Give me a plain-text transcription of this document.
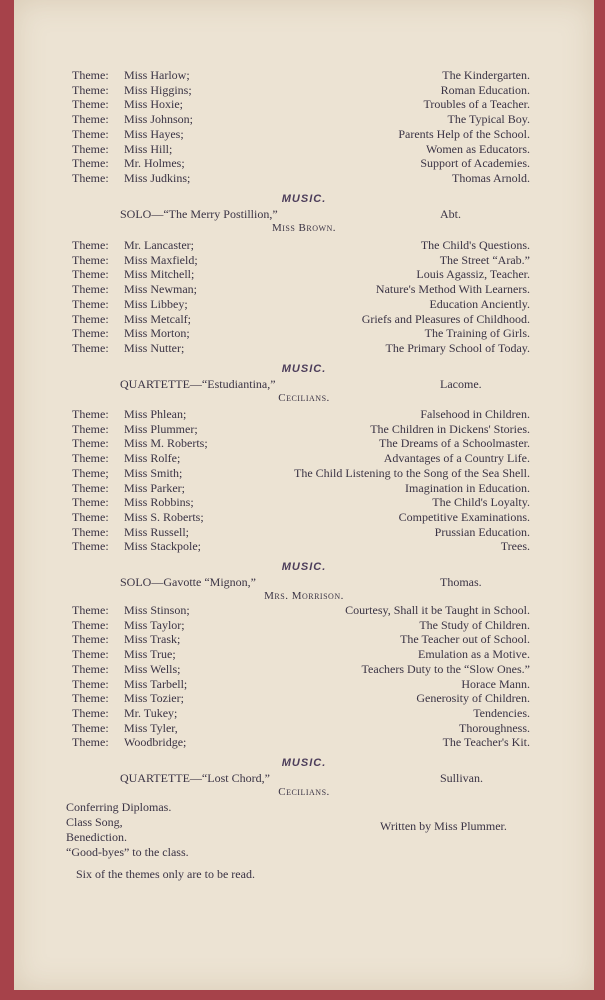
Theme: Miss Harlow;	The Kindergarten.
Theme: Miss Higgins;	Roman Education.
Theme: Miss Hoxie;	Troubles of a Teacher.
Theme: Miss Johnson;	The Typical Boy.
Theme: Miss Hayes;	Parents Help of the School.
Theme: Miss Hill;	Women as Educators.
Theme: Mr. Holmes;	Support of Academies.
Theme: Miss Judkins;	Thomas Arnold.
MUSIC.
SOLO—“The Merry Postillion,”	Abt.
Miss Brown.
Theme: Mr. Lancaster;	The Child's Questions.
Theme: Miss Maxfield;	The Street “Arab.”
Theme: Miss Mitchell;	Louis Agassiz, Teacher.
Theme: Miss Newman;	Nature's Method With Learners.
Theme: Miss Libbey;	Education Anciently.
Theme: Miss Metcalf;	Griefs and Pleasures of Childhood.
Theme: Miss Morton;	The Training of Girls.
Theme: Miss Nutter;	The Primary School of Today.
MUSIC.
QUARTETTE—“Estudiantina,”	Lacome.
Cecilians.
Theme: Miss Phlean;	Falsehood in Children.
Theme: Miss Plummer;	The Children in Dickens' Stories.
Theme: Miss M. Roberts;	The Dreams of a Schoolmaster.
Theme: Miss Rolfe;	Advantages of a Country Life.
Theme; Miss Smith;	The Child Listening to the Song of the Sea Shell.
Theme: Miss Parker;	Imagination in Education.
Theme: Miss Robbins;	The Child's Loyalty.
Theme: Miss S. Roberts;	Competitive Examinations.
Theme: Miss Russell;	Prussian Education.
Theme: Miss Stackpole;	Trees.
MUSIC.
SOLO—Gavotte “Mignon,”	Thomas.
Mrs. Morrison.
Theme: Miss Stinson;	Courtesy, Shall it be Taught in School.
Theme: Miss Taylor;	The Study of Children.
Theme: Miss Trask;	The Teacher out of School.
Theme: Miss True;	Emulation as a Motive.
Theme: Miss Wells;	Teachers Duty to the “Slow Ones.”
Theme: Miss Tarbell;	Horace Mann.
Theme: Miss Tozier;	Generosity of Children.
Theme: Mr. Tukey;	Tendencies.
Theme: Miss Tyler,	Thoroughness.
Theme: Woodbridge;	The Teacher's Kit.
MUSIC.
QUARTETTE—“Lost Chord,”	Sullivan.
Cecilians.
Conferring Diplomas.
Class Song,
Benediction.
“Good-byes” to the class.
Written by Miss Plummer.
Six of the themes only are to be read.
